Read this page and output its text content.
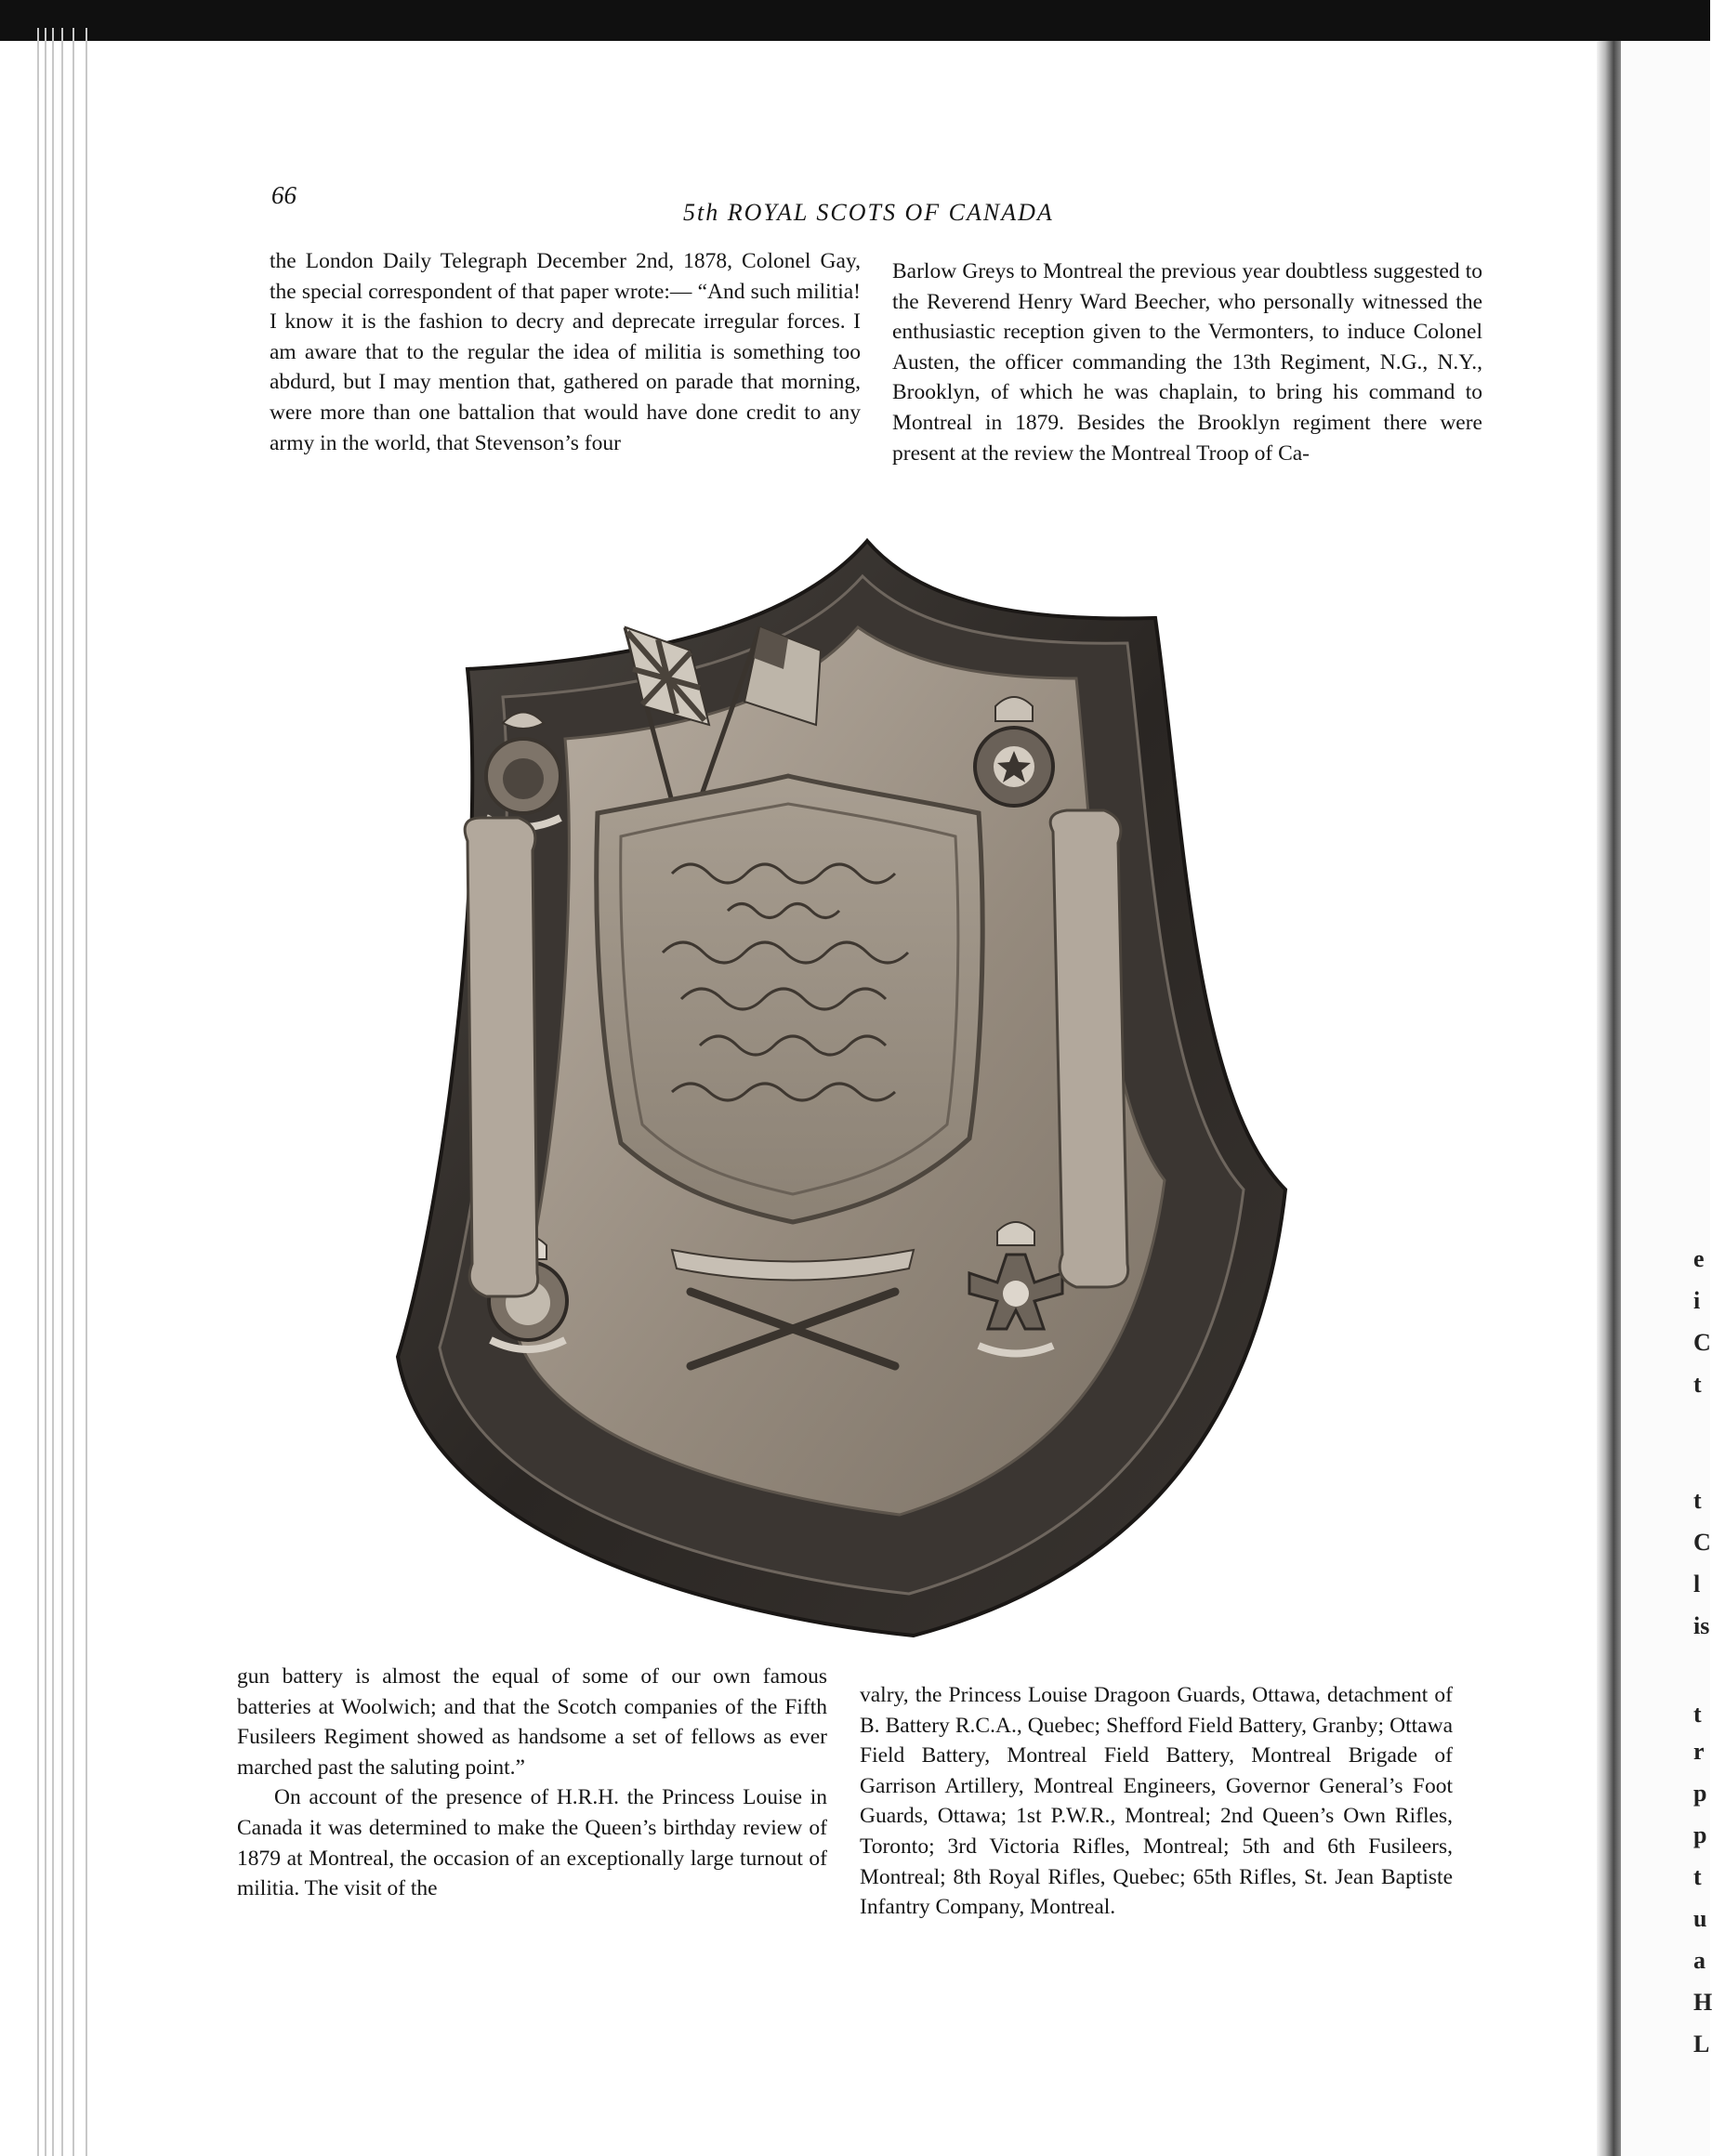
e
i
C
t
t
C
l
is
t
r
p
p
t
u
a
H
L
66
5th ROYAL SCOTS OF CANADA

the London Daily Telegraph December 2nd, 1878, Colonel Gay, the special correspondent of that paper wrote:— “And such militia! I know it is the fashion to decry and deprecate irregular forces. I am aware that to the regular the idea of militia is something too abdurd, but I may mention that, gathered on parade that morning, were more than one battalion that would have done credit to any army in the world, that Stevenson’s four

Barlow Greys to Montreal the previous year doubtless suggested to the Reverend Henry Ward Beecher, who personally witnessed the enthusiastic reception given to the Vermonters, to induce Colonel Austen, the officer commanding the 13th Regiment, N.G., N.Y., Brooklyn, of which he was chaplain, to bring his command to Montreal in 1879. Besides the Brooklyn regiment there were present at the review the Montreal Troop of Ca-

gun battery is almost the equal of some of our own famous batteries at Woolwich; and that the Scotch companies of the Fifth Fusileers Regiment showed as handsome a set of fellows as ever marched past the saluting point.”

On account of the presence of H.R.H. the Princess Louise in Canada it was determined to make the Queen’s birthday review of 1879 at Montreal, the occasion of an exceptionally large turnout of militia. The visit of the

valry, the Princess Louise Dragoon Guards, Ottawa, detachment of B. Battery R.C.A., Quebec; Shefford Field Battery, Granby; Ottawa Field Battery, Montreal Field Battery, Montreal Brigade of Garrison Artillery, Montreal Engineers, Governor General’s Foot Guards, Ottawa; 1st P.W.R., Montreal; 2nd Queen’s Own Rifles, Toronto; 3rd Victoria Rifles, Montreal; 5th and 6th Fusileers, Montreal; 8th Royal Rifles, Quebec; 65th Rifles, St. Jean Baptiste Infantry Company, Montreal.
